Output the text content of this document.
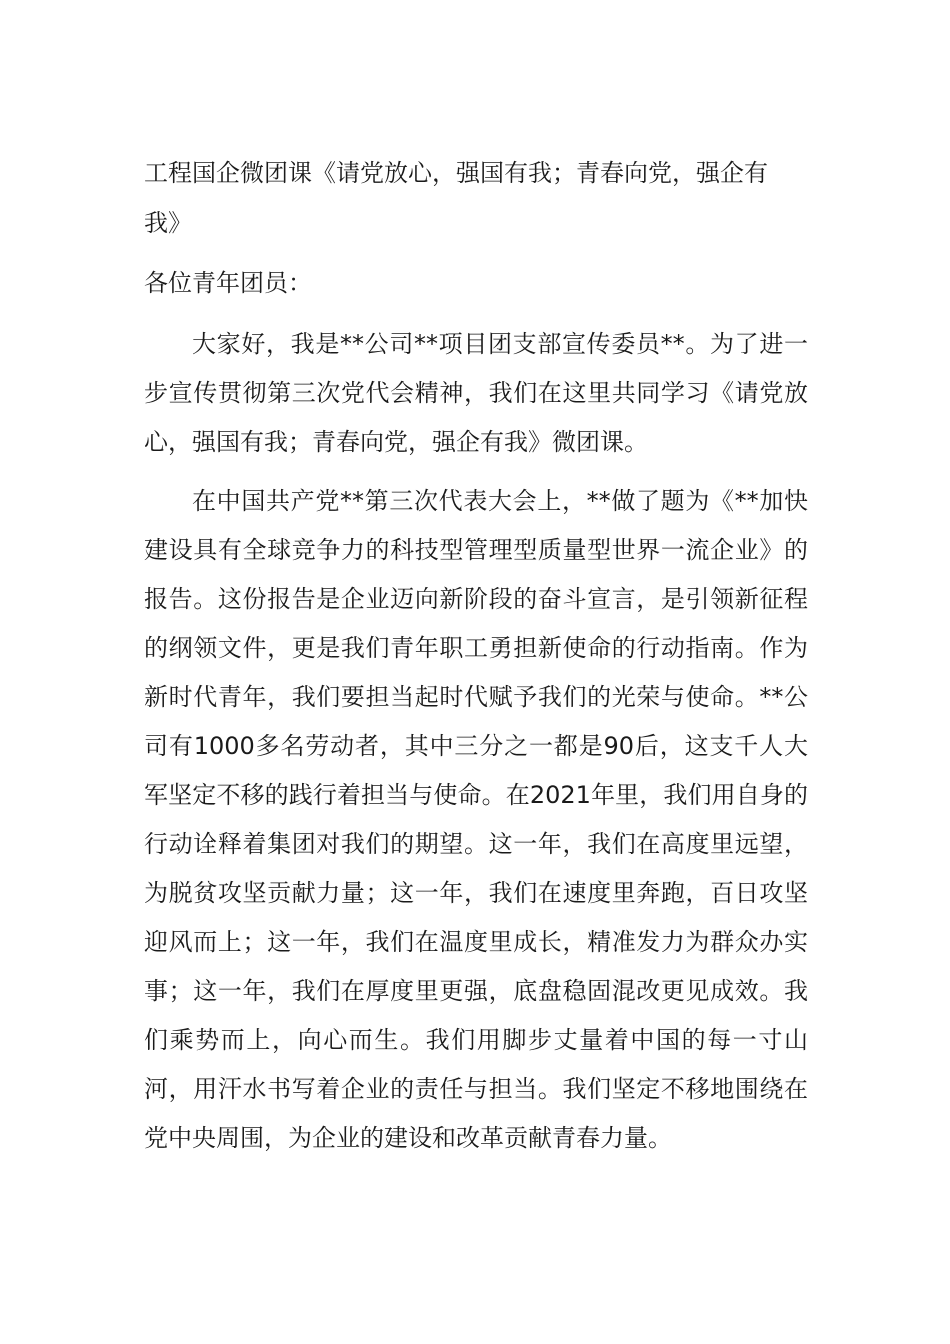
工程国企微团课《请党放心，强国有我；青春向党，强企有我》

各位青年团员：

大家好，我是**公司**项目团支部宣传委员**。为了进一步宣传贯彻第三次党代会精神，我们在这里共同学习《请党放心，强国有我；青春向党，强企有我》微团课。

在中国共产党**第三次代表大会上，**做了题为《**加快建设具有全球竞争力的科技型管理型质量型世界一流企业》的报告。这份报告是企业迈向新阶段的奋斗宣言，是引领新征程的纲领文件，更是我们青年职工勇担新使命的行动指南。作为新时代青年，我们要担当起时代赋予我们的光荣与使命。**公司有1000多名劳动者，其中三分之一都是90后，这支千人大军坚定不移的践行着担当与使命。在2021年里，我们用自身的行动诠释着集团对我们的期望。这一年，我们在高度里远望，为脱贫攻坚贡献力量；这一年，我们在速度里奔跑，百日攻坚迎风而上；这一年，我们在温度里成长，精准发力为群众办实事；这一年，我们在厚度里更强，底盘稳固混改更见成效。我们乘势而上，向心而生。我们用脚步丈量着中国的每一寸山河，用汗水书写着企业的责任与担当。我们坚定不移地围绕在党中央周围，为企业的建设和改革贡献青春力量。
